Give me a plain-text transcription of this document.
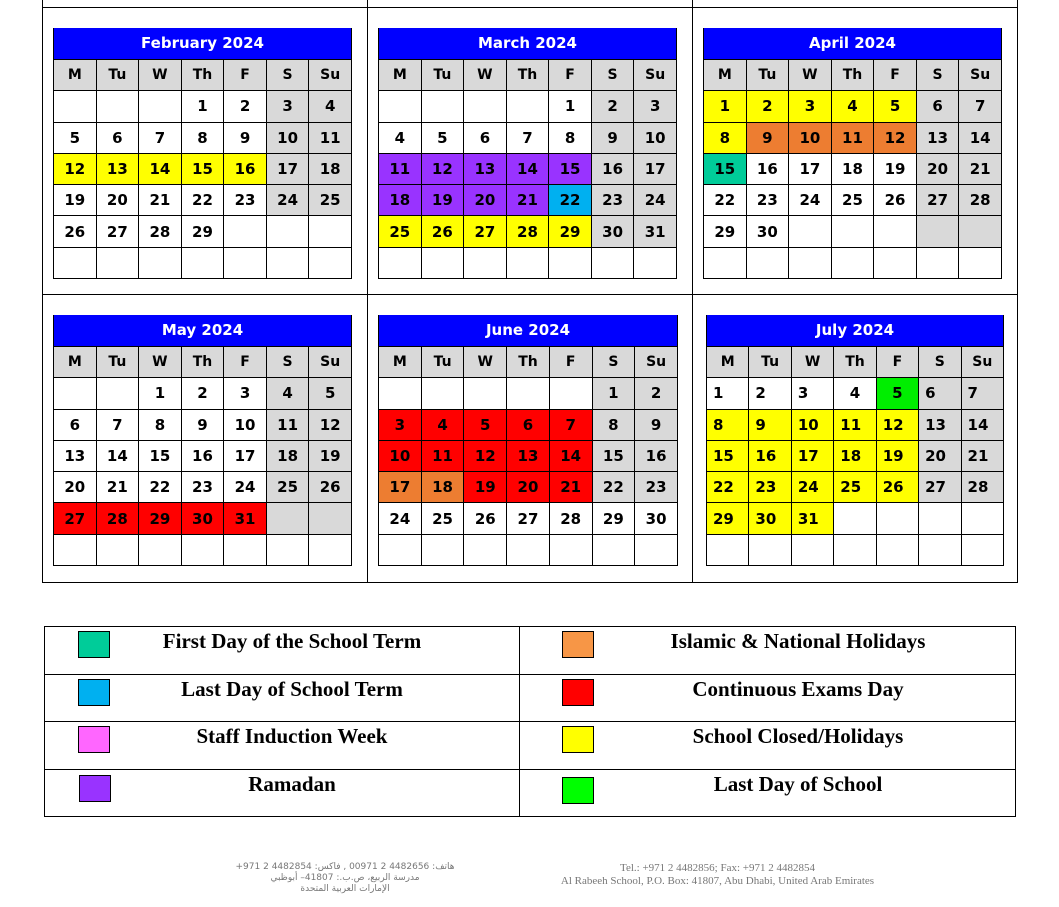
February 2024
M	Tu	W	Th	F	S	Su
			1	2	3	4
5	6	7	8	9	10	11
12	13	14	15	16	17	18
19	20	21	22	23	24	25
26	27	28	29			

March 2024
M	Tu	W	Th	F	S	Su
				1	2	3
4	5	6	7	8	9	10
11	12	13	14	15	16	17
18	19	20	21	22	23	24
25	26	27	28	29	30	31

April 2024
M	Tu	W	Th	F	S	Su
1	2	3	4	5	6	7
8	9	10	11	12	13	14
15	16	17	18	19	20	21
22	23	24	25	26	27	28
29	30					

May 2024
M	Tu	W	Th	F	S	Su
		1	2	3	4	5
6	7	8	9	10	11	12
13	14	15	16	17	18	19
20	21	22	23	24	25	26
27	28	29	30	31		

June 2024
M	Tu	W	Th	F	S	Su
					1	2
3	4	5	6	7	8	9
10	11	12	13	14	15	16
17	18	19	20	21	22	23
24	25	26	27	28	29	30

July 2024
M	Tu	W	Th	F	S	Su
1	2	3	4	5	6	7
8	9	10	11	12	13	14
15	16	17	18	19	20	21
22	23	24	25	26	27	28
29	30	31				

First Day of the School Term
Last Day of School Term
Staff Induction Week
Ramadan
Islamic & National Holidays
Continuous Exams Day
School Closed/Holidays
Last Day of School
هاتف: 4482656 2 00971 , فاكس: 4482854 2 971+
مدرسة الربيع، ص.ب.: 41807– أبوظبي
الإمارات العربية المتحدة
Tel.: +971 2 4482856; Fax: +971 2 4482854
Al Rabeeh School, P.O. Box: 41807, Abu Dhabi, United Arab Emirates
